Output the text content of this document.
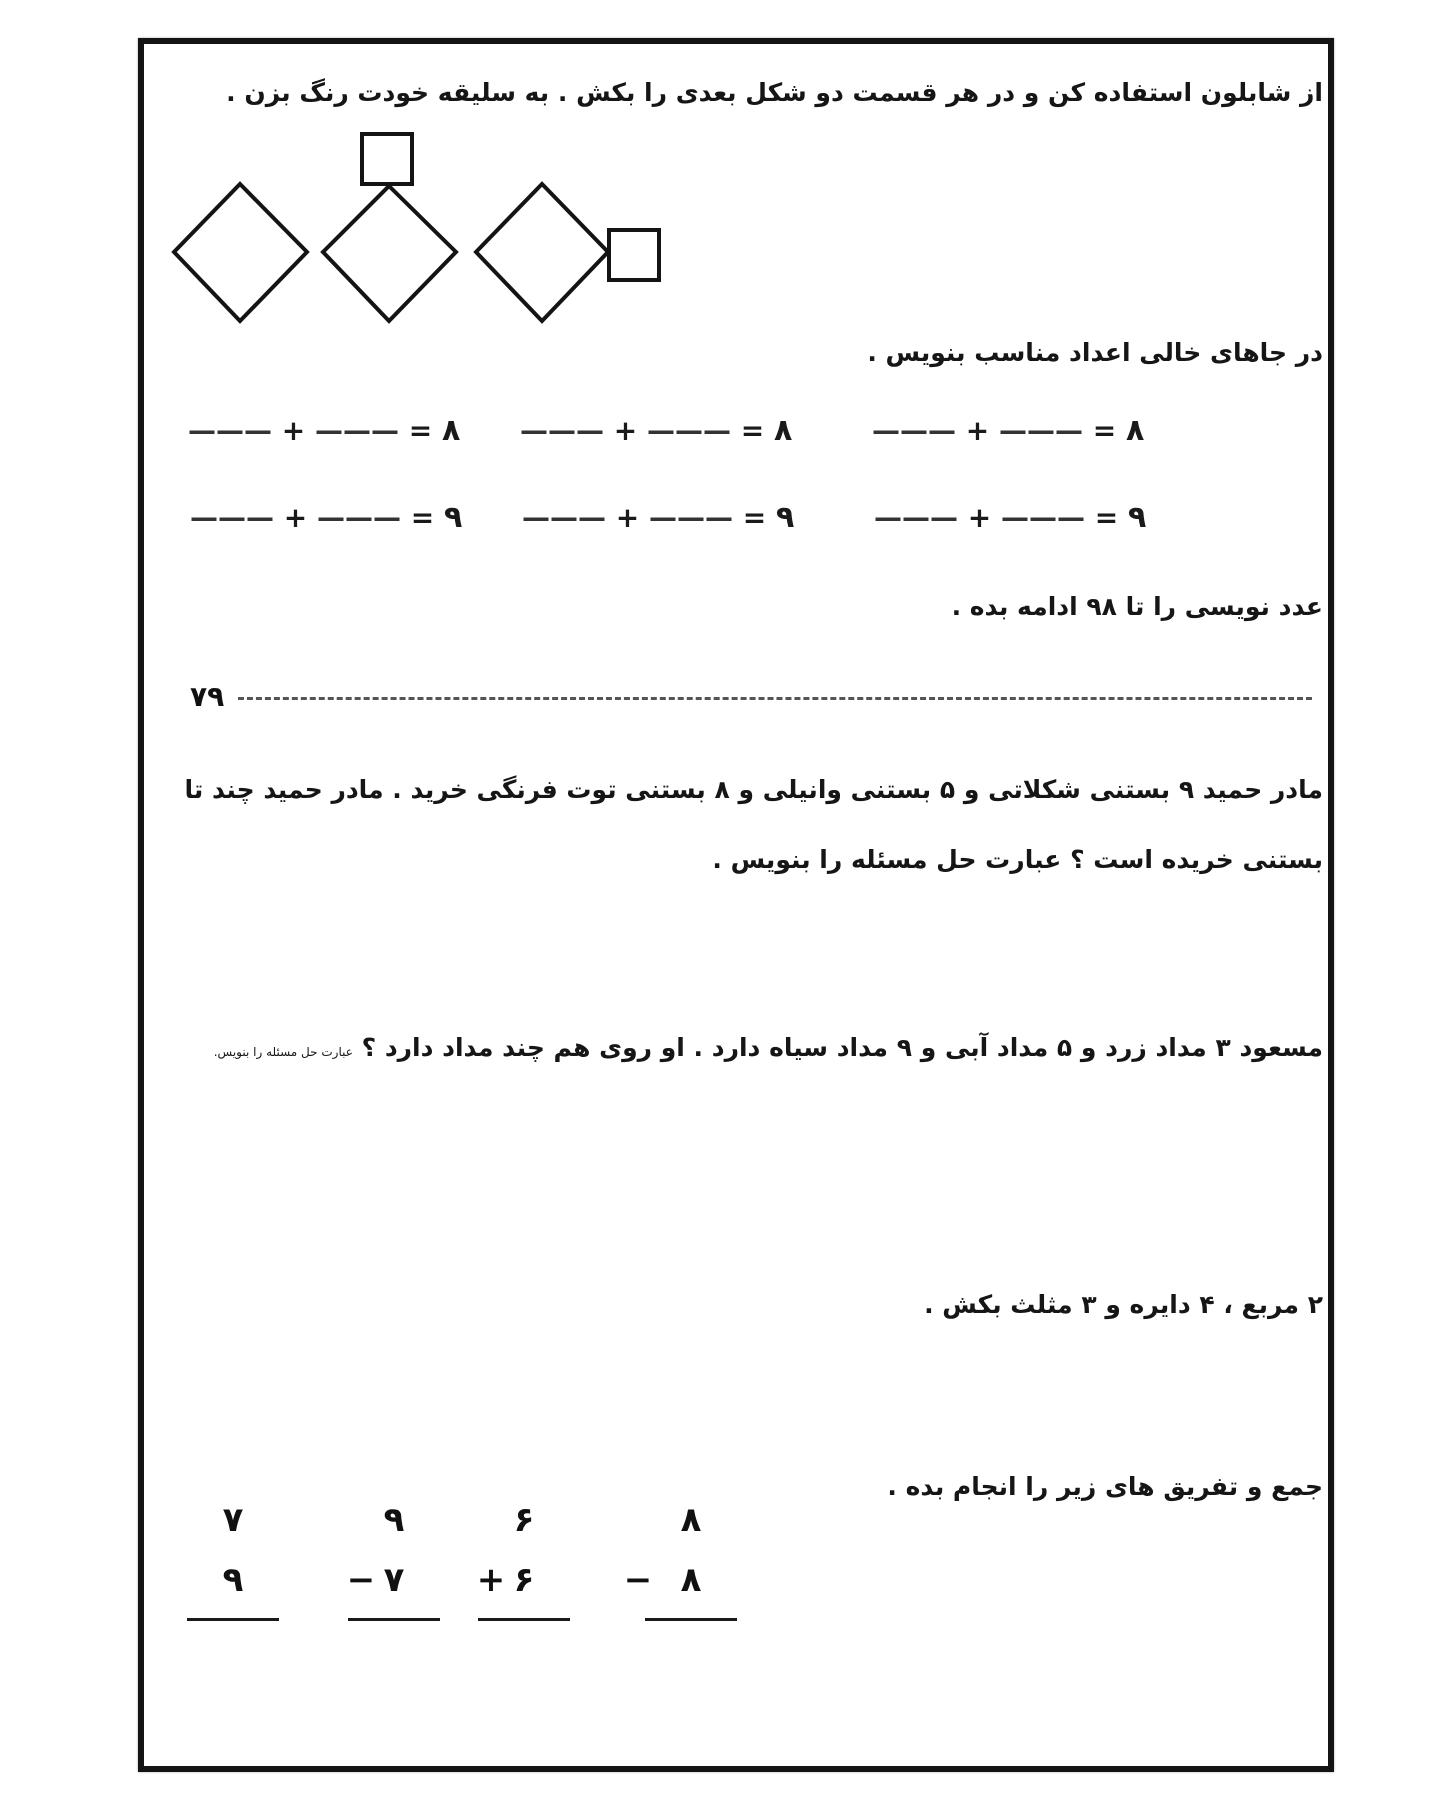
از شابلون استفاده کن و در هر قسمت دو شکل بعدی را بکش . به سلیقه خودت رنگ بزن .
در جاهای خالی اعداد مناسب بنویس .
——— + ——— = ۸ ——— + ——— = ۸	——— + ——— = ۸
——— + ——— = ۹ ——— + ——— = ۹	——— + ——— = ۹
عدد نویسی را تا ۹۸ ادامه بده .
۷۹
مادر حمید ۹ بستنی شکلاتی و ۵ بستنی وانیلی و ۸ بستنی توت فرنگی خرید . مادر حمید چند تا
بستنی خریده است ؟ عبارت حل مسئله را بنویس .
مسعود ۳ مداد زرد و ۵ مداد آبی و ۹ مداد سیاه دارد . او روی هم چند مداد دارد ؟ عبارت حل مسئله را بنویس.
۲ مربع ، ۴ دایره و ۳ مثلث بکش .
جمع و تفریق های زیر را انجام بده .
۸
− ۸
۶
+ ۶
۹
− ۷
۷
۹
